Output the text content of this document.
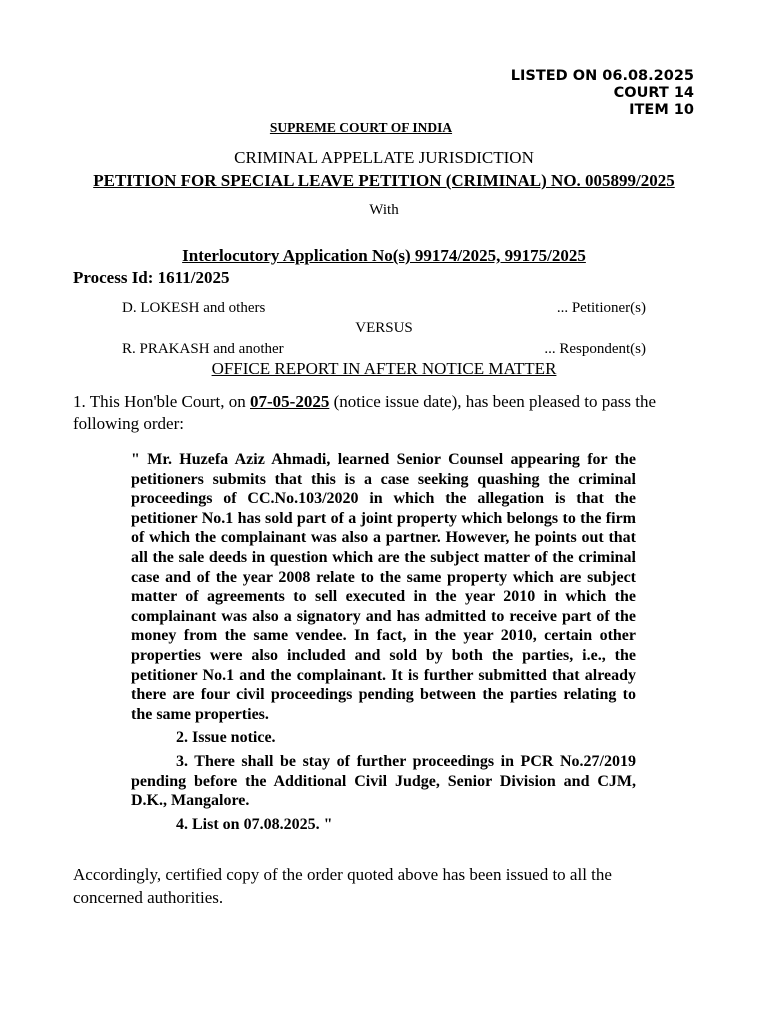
LISTED ON 06.08.2025
COURT 14
ITEM 10
SUPREME COURT OF INDIA
CRIMINAL APPELLATE JURISDICTION
PETITION FOR SPECIAL LEAVE PETITION (CRIMINAL) NO. 005899/2025
With
Interlocutory Application No(s) 99174/2025, 99175/2025
Process Id: 1611/2025
D. LOKESH and others	... Petitioner(s)
VERSUS
R. PRAKASH and another	... Respondent(s)
OFFICE REPORT IN AFTER NOTICE MATTER
1. This Hon'ble Court, on 07-05-2025 (notice issue date), has been pleased to pass the following order:

" Mr. Huzefa Aziz Ahmadi, learned Senior Counsel appearing for the petitioners submits that this is a case seeking quashing the criminal proceedings of CC.No.103/2020 in which the allegation is that the petitioner No.1 has sold part of a joint property which belongs to the firm of which the complainant was also a partner. However, he points out that all the sale deeds in question which are the subject matter of the criminal case and of the year 2008 relate to the same property which are subject matter of agreements to sell executed in the year 2010 in which the complainant was also a signatory and has admitted to receive part of the money from the same vendee. In fact, in the year 2010, certain other properties were also included and sold by both the parties, i.e., the petitioner No.1 and the complainant. It is further submitted that already there are four civil proceedings pending between the parties relating to the same properties.

2. Issue notice.

3. There shall be stay of further proceedings in PCR No.27/2019 pending before the Additional Civil Judge, Senior Division and CJM, D.K., Mangalore.

4. List on 07.08.2025. "

Accordingly, certified copy of the order quoted above has been issued to all the concerned authorities.
